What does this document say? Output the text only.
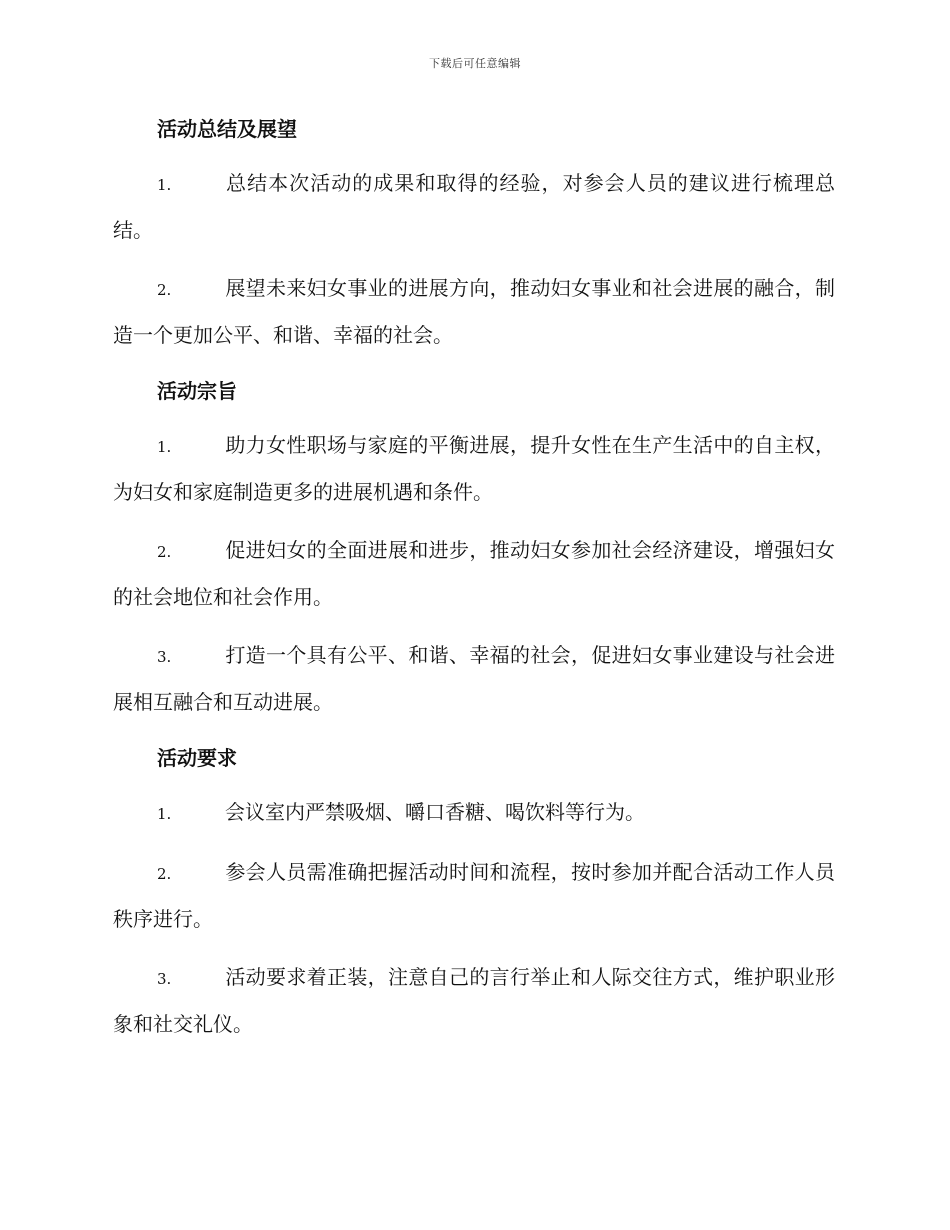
下载后可任意编辑
活动总结及展望
1.	总结本次活动的成果和取得的经验，对参会人员的建议进行梳理总结。
2.	展望未来妇女事业的进展方向，推动妇女事业和社会进展的融合，制造一个更加公平、和谐、幸福的社会。
活动宗旨
1.	助力女性职场与家庭的平衡进展，提升女性在生产生活中的自主权，为妇女和家庭制造更多的进展机遇和条件。
2.	促进妇女的全面进展和进步，推动妇女参加社会经济建设，增强妇女的社会地位和社会作用。
3.	打造一个具有公平、和谐、幸福的社会，促进妇女事业建设与社会进展相互融合和互动进展。
活动要求
1.	会议室内严禁吸烟、嚼口香糖、喝饮料等行为。
2.	参会人员需准确把握活动时间和流程，按时参加并配合活动工作人员秩序进行。
3.	活动要求着正装，注意自己的言行举止和人际交往方式，维护职业形象和社交礼仪。
